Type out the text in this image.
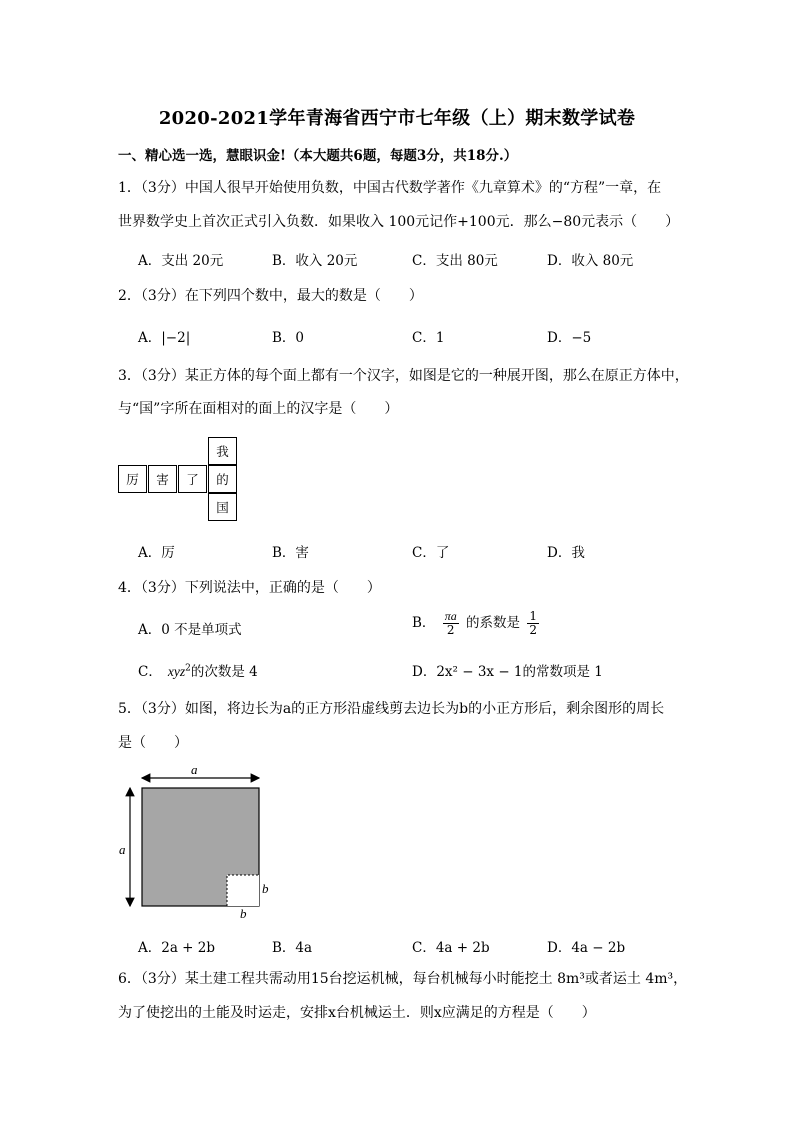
2020-2021学年青海省西宁市七年级（上）期末数学试卷
一、精心选一选，慧眼识金!（本大题共6题，每题3分，共18分.）
1．（3分）中国人很早开始使用负数，中国古代数学著作《九章算术》的“方程”一章，在
世界数学史上首次正式引入负数．如果收入 100元记作+100元．那么−80元表示（　　）
A．支出 20元	B．收入 20元	C．支出 80元	D．收入 80元
2．（3分）在下列四个数中，最大的数是（　　）
A．|−2|	B．0	C．1	D．−5
3．（3分）某正方体的每个面上都有一个汉字，如图是它的一种展开图，那么在原正方体中，
与“国”字所在面相对的面上的汉字是（　　）
厉	害	了
我
的
国
A．厉	B．害	C．了	D．我
4．（3分）下列说法中，正确的是（　　）
A．0 不是单项式	B． $\frac{\pi a}{2}$ 的系数是 $\frac{1}{2}$
C． xyz$^2$的次数是 4	D．2x² − 3x − 1的常数项是 1
5．（3分）如图，将边长为a的正方形沿虚线剪去边长为b的小正方形后，剩余图形的周长
是（　　）
a
a
b
b
A．2a + 2b	B．4a	C．4a + 2b	D．4a − 2b
6．（3分）某土建工程共需动用15台挖运机械，每台机械每小时能挖土 8m³或者运土 4m³，
为了使挖出的土能及时运走，安排x台机械运土．则x应满足的方程是（　　）
